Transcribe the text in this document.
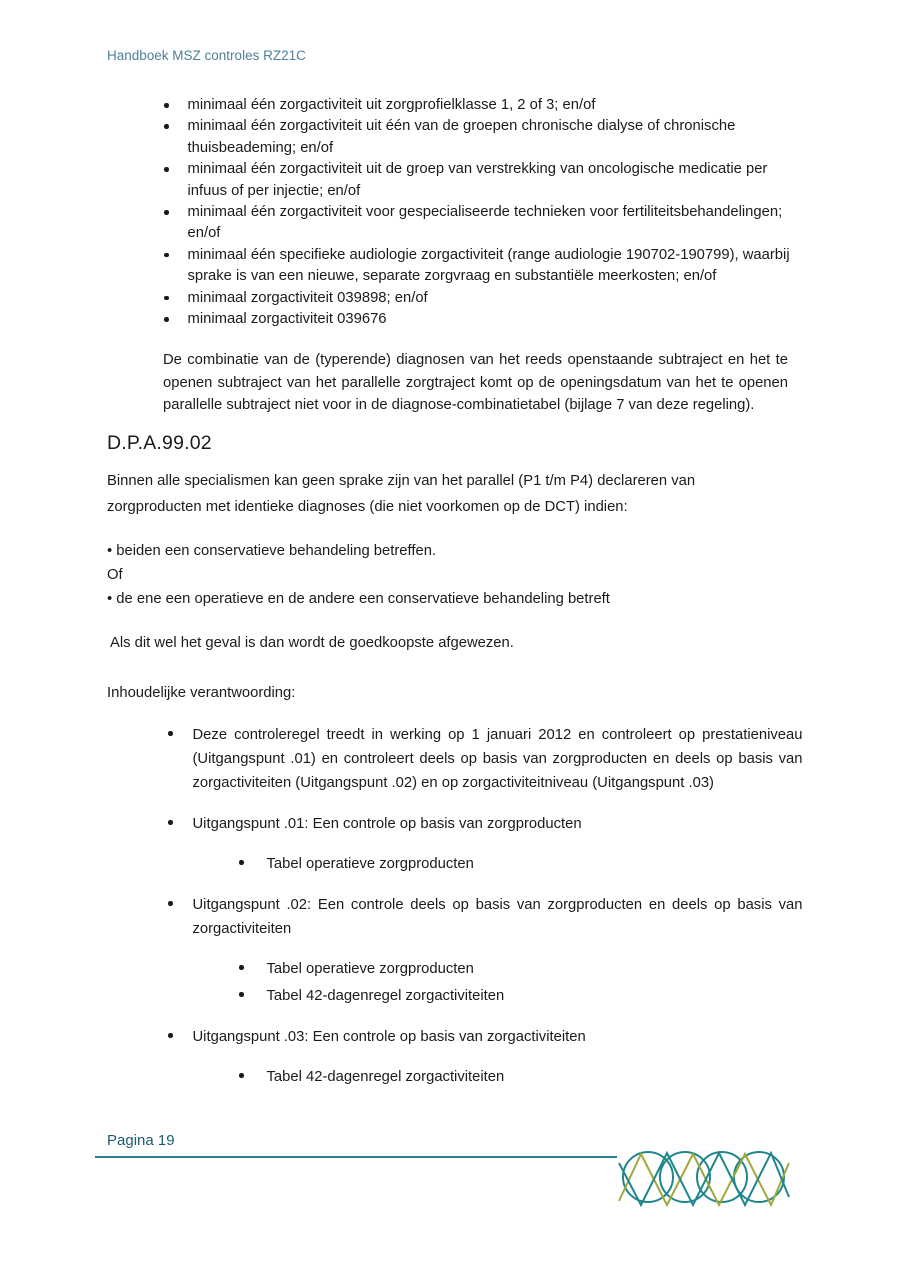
Handboek MSZ controles RZ21C
minimaal één zorgactiviteit uit zorgprofielklasse 1, 2 of 3; en/of
minimaal één zorgactiviteit uit één van de groepen chronische dialyse of chronische thuisbeademing; en/of
minimaal één zorgactiviteit uit de groep van verstrekking van oncologische medicatie per infuus of per injectie; en/of
minimaal één zorgactiviteit voor gespecialiseerde technieken voor fertiliteitsbehandelingen; en/of
minimaal één specifieke audiologie zorgactiviteit (range audiologie 190702-190799), waarbij sprake is van een nieuwe, separate zorgvraag en substantiële meerkosten; en/of
minimaal zorgactiviteit 039898; en/of
minimaal zorgactiviteit 039676

De combinatie van de (typerende) diagnosen van het reeds openstaande subtraject en het te openen subtraject van het parallelle zorgtraject komt op de openingsdatum van het te openen parallelle subtraject niet voor in de diagnose-combinatietabel (bijlage 7 van deze regeling).

D.P.A.99.02

Binnen alle specialismen kan geen sprake zijn van het parallel (P1 t/m P4) declareren van zorgproducten met identieke diagnoses (die niet voorkomen op de DCT) indien:

• beiden een conservatieve behandeling betreffen.
Of
• de ene een operatieve en de andere een conservatieve behandeling betreft

Als dit wel het geval is dan wordt de goedkoopste afgewezen.

Inhoudelijke verantwoording:

Deze controleregel treedt in werking op 1 januari 2012 en controleert op prestatieniveau (Uitgangspunt .01) en controleert deels op basis van zorgproducten en deels op basis van zorgactiviteiten (Uitgangspunt .02) en op zorgactiviteitniveau (Uitgangspunt .03)
Uitgangspunt .01: Een controle op basis van zorgproducten
Tabel operatieve zorgproducten
Uitgangspunt .02: Een controle deels op basis van zorgproducten en deels op basis van zorgactiviteiten
Tabel operatieve zorgproducten
Tabel 42-dagenregel zorgactiviteiten
Uitgangspunt .03: Een controle op basis van zorgactiviteiten
Tabel 42-dagenregel zorgactiviteiten
Pagina 19
